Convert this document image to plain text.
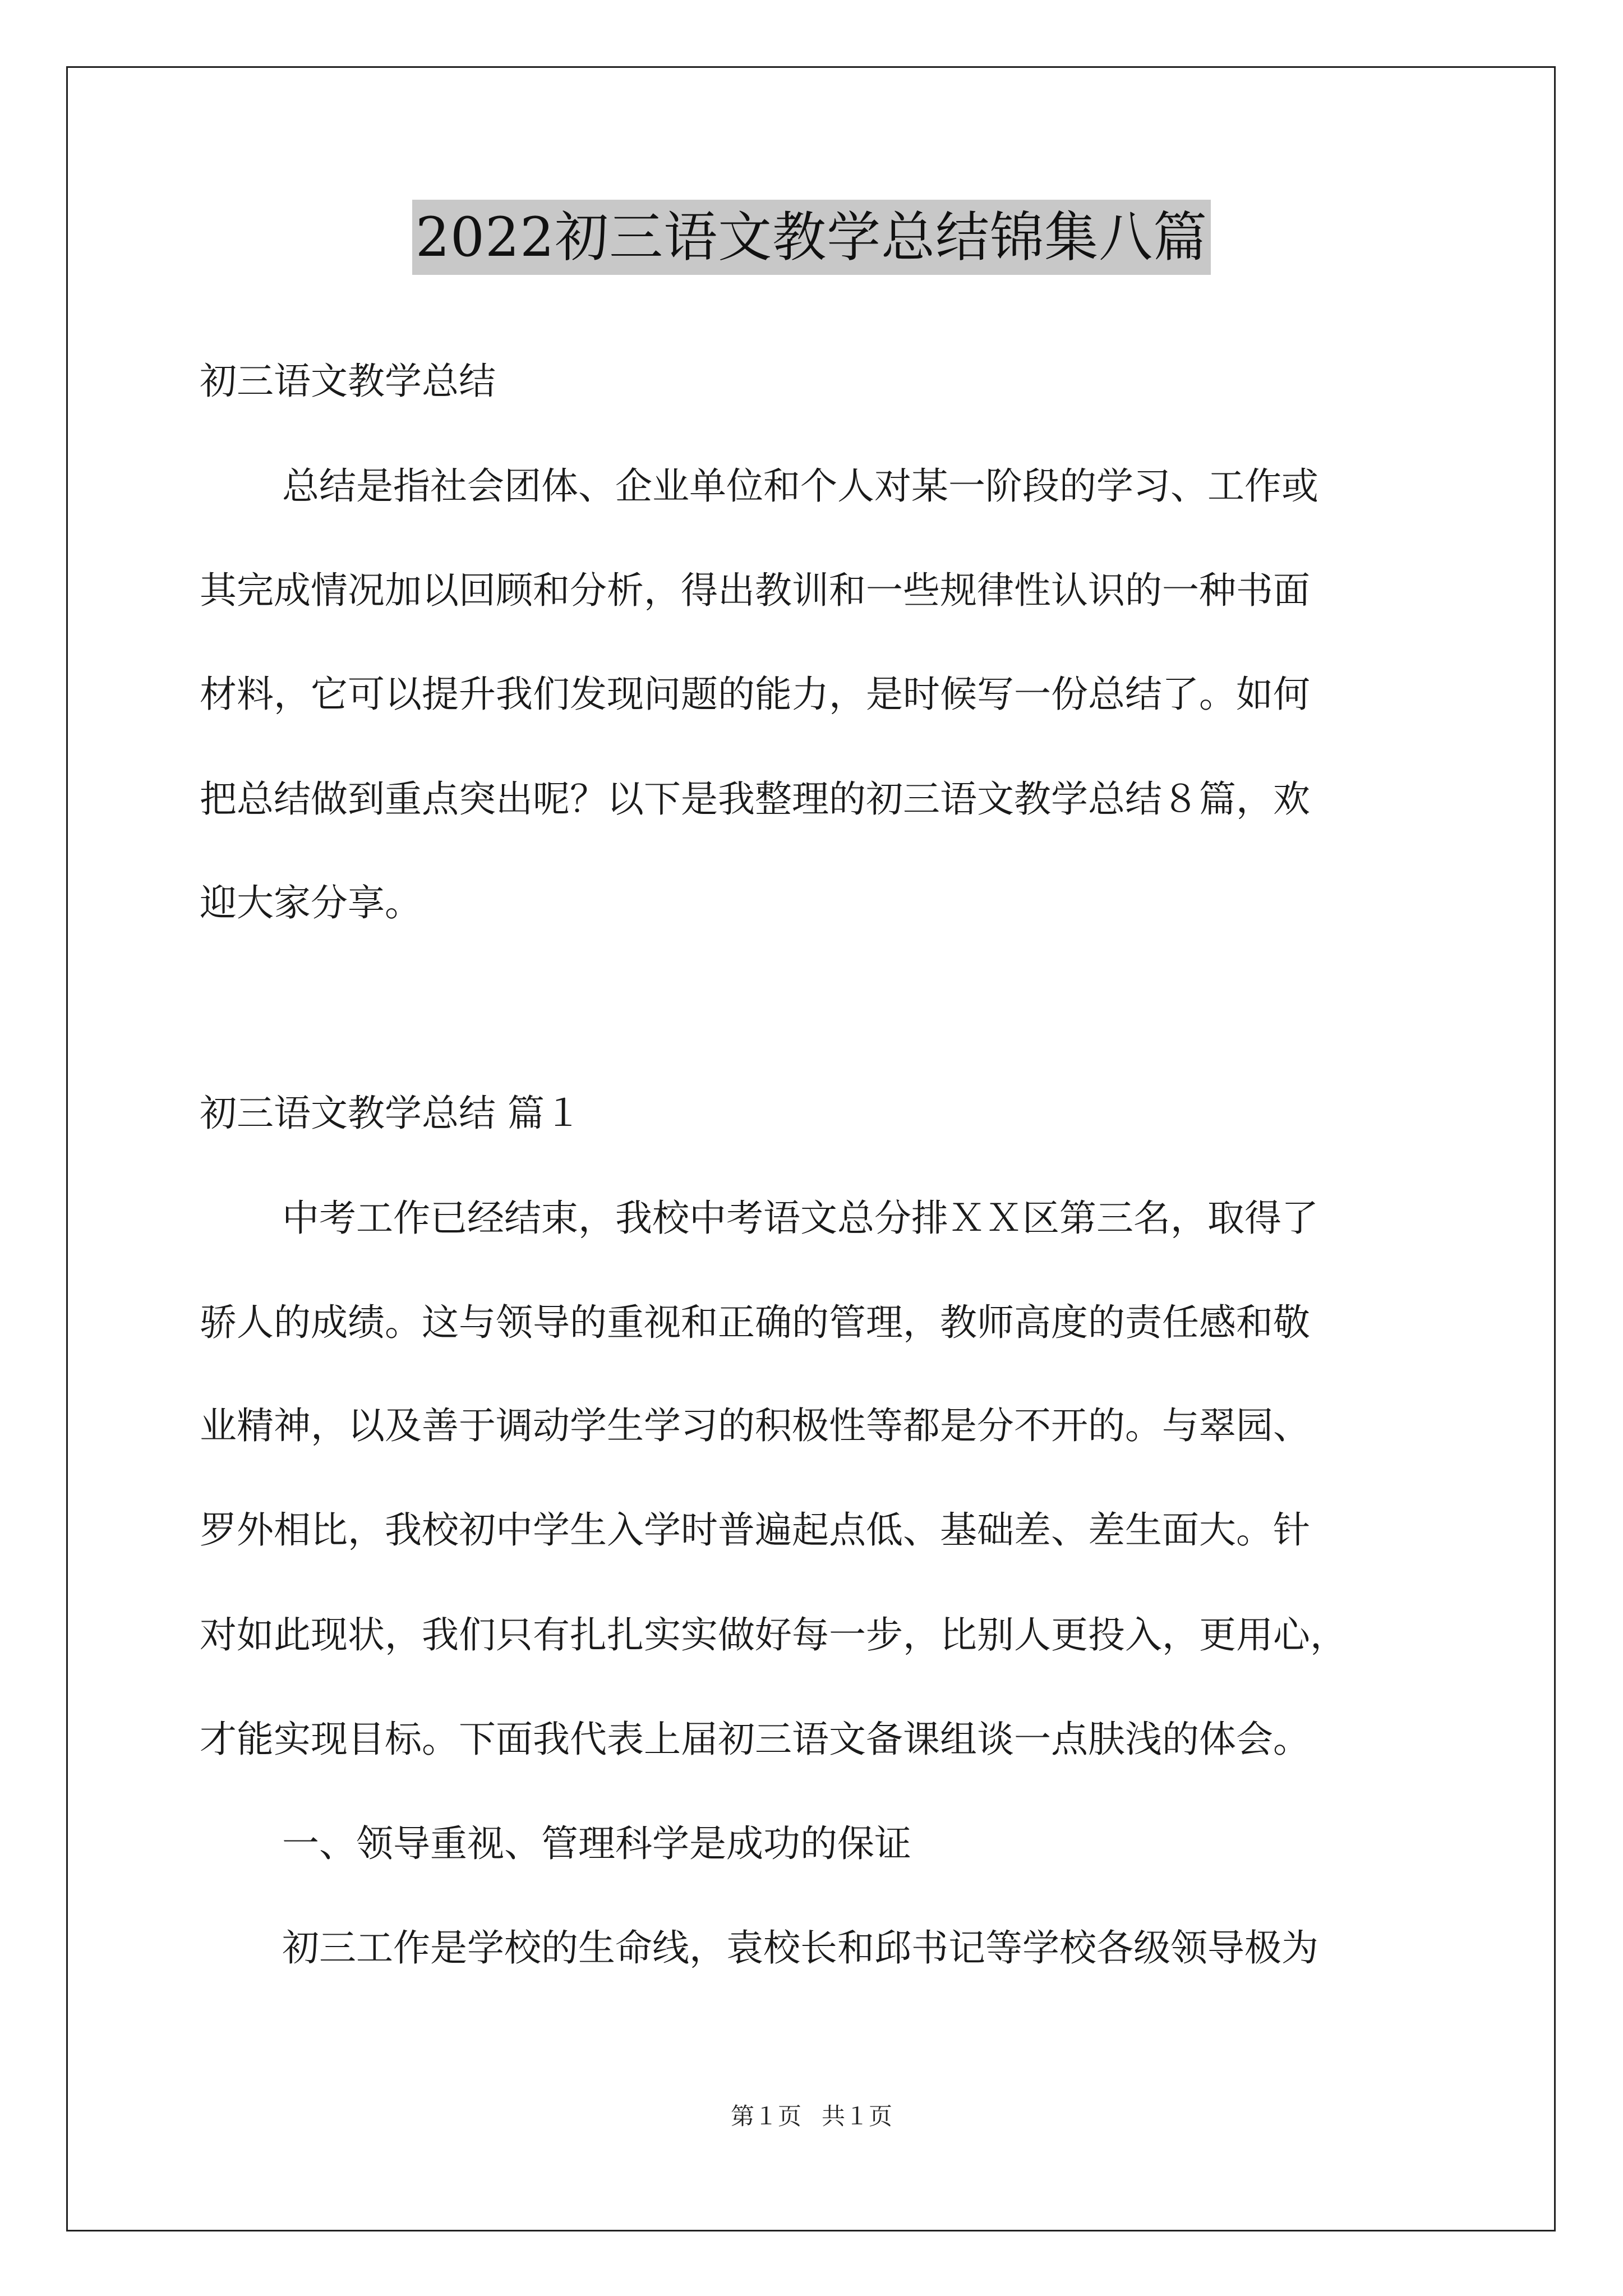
2022初三语文教学总结锦集八篇
初三语文教学总结
总结是指社会团体、企业单位和个人对某一阶段的学习、工作或
其完成情况加以回顾和分析，得出教训和一些规律性认识的一种书面
材料，它可以提升我们发现问题的能力，是时候写一份总结了。如何
把总结做到重点突出呢？以下是我整理的初三语文教学总结８篇，欢
迎大家分享。
初三语文教学总结 篇１
中考工作已经结束，我校中考语文总分排ＸＸ区第三名，取得了
骄人的成绩。这与领导的重视和正确的管理，教师高度的责任感和敬
业精神，以及善于调动学生学习的积极性等都是分不开的。与翠园、
罗外相比，我校初中学生入学时普遍起点低、基础差、差生面大。针
对如此现状，我们只有扎扎实实做好每一步，比别人更投入，更用心，
才能实现目标。下面我代表上届初三语文备课组谈一点肤浅的体会。
一、领导重视、管理科学是成功的保证
初三工作是学校的生命线，袁校长和邱书记等学校各级领导极为
第１页 共１页
